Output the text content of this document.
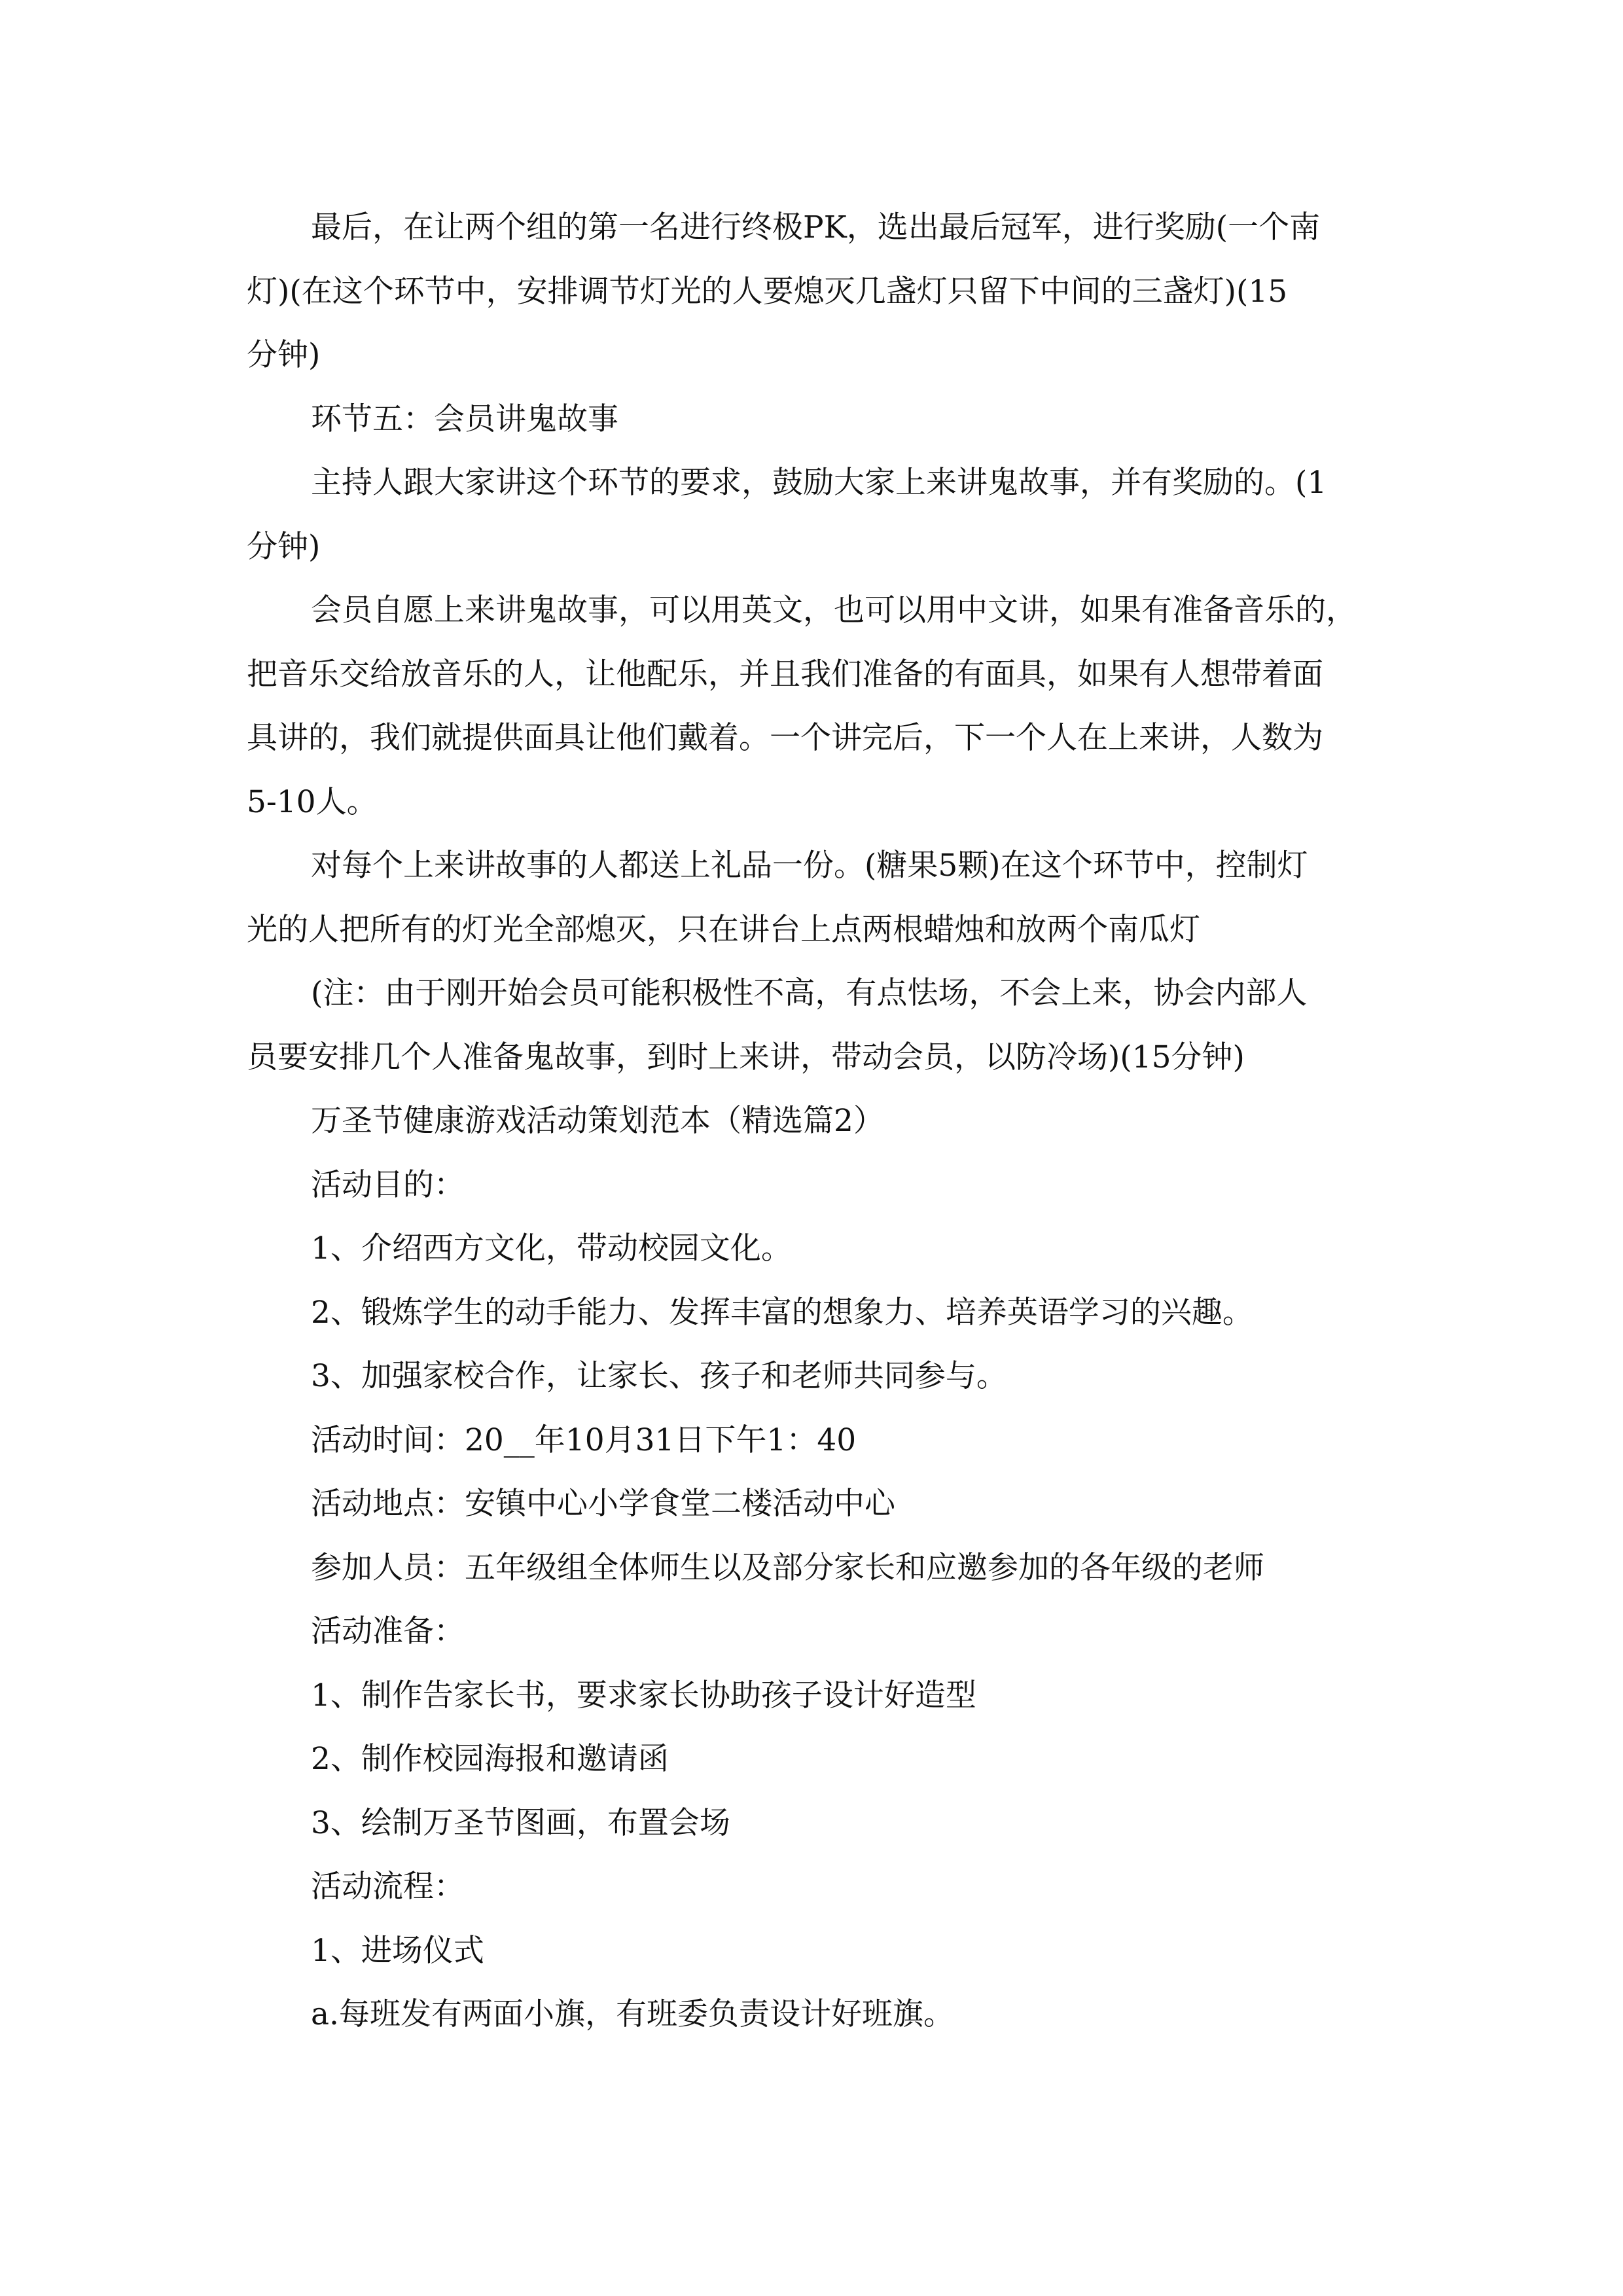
最后，在让两个组的第一名进行终极PK，选出最后冠军，进行奖励(一个南

灯)(在这个环节中，安排调节灯光的人要熄灭几盏灯只留下中间的三盏灯)(15

分钟)

环节五：会员讲鬼故事

主持人跟大家讲这个环节的要求，鼓励大家上来讲鬼故事，并有奖励的。(1

分钟)

会员自愿上来讲鬼故事，可以用英文，也可以用中文讲，如果有准备音乐的，

把音乐交给放音乐的人，让他配乐，并且我们准备的有面具，如果有人想带着面

具讲的，我们就提供面具让他们戴着。一个讲完后，下一个人在上来讲，人数为

5-10人。

对每个上来讲故事的人都送上礼品一份。(糖果5颗)在这个环节中，控制灯

光的人把所有的灯光全部熄灭，只在讲台上点两根蜡烛和放两个南瓜灯

(注：由于刚开始会员可能积极性不高，有点怯场，不会上来，协会内部人

员要安排几个人准备鬼故事，到时上来讲，带动会员，以防冷场)(15分钟)

万圣节健康游戏活动策划范本（精选篇2）

活动目的：

1、介绍西方文化，带动校园文化。

2、锻炼学生的动手能力、发挥丰富的想象力、培养英语学习的兴趣。

3、加强家校合作，让家长、孩子和老师共同参与。

活动时间：20__年10月31日下午1：40

活动地点：安镇中心小学食堂二楼活动中心

参加人员：五年级组全体师生以及部分家长和应邀参加的各年级的老师

活动准备：

1、制作告家长书，要求家长协助孩子设计好造型

2、制作校园海报和邀请函

3、绘制万圣节图画，布置会场

活动流程：

1、进场仪式

a.每班发有两面小旗，有班委负责设计好班旗。
